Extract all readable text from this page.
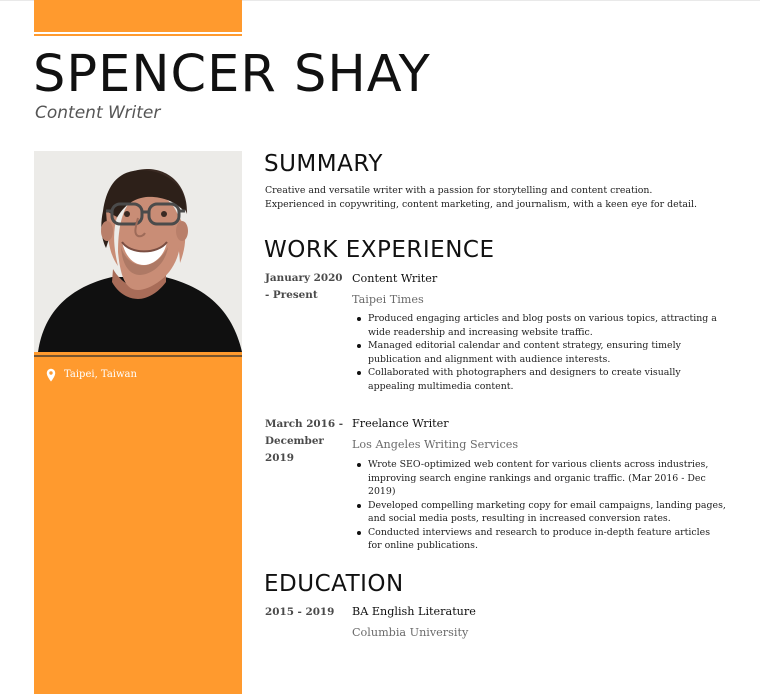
SPENCER SHAY
Content Writer
Taipei, Taiwan
SUMMARY
Creative and versatile writer with a passion for storytelling and content creation. Experienced in copywriting, content marketing, and journalism, with a keen eye for detail.
WORK EXPERIENCE
January 2020 - Present
Content Writer
Taipei Times
Produced engaging articles and blog posts on various topics, attracting a wide readership and increasing website traffic.
Managed editorial calendar and content strategy, ensuring timely publication and alignment with audience interests.
Collaborated with photographers and designers to create visually appealing multimedia content.
March 2016 - December 2019
Freelance Writer
Los Angeles Writing Services
Wrote SEO-optimized web content for various clients across industries, improving search engine rankings and organic traffic. (Mar 2016 - Dec 2019)
Developed compelling marketing copy for email campaigns, landing pages, and social media posts, resulting in increased conversion rates.
Conducted interviews and research to produce in-depth feature articles for online publications.
EDUCATION
2015 - 2019	BA English Literature
Columbia University
